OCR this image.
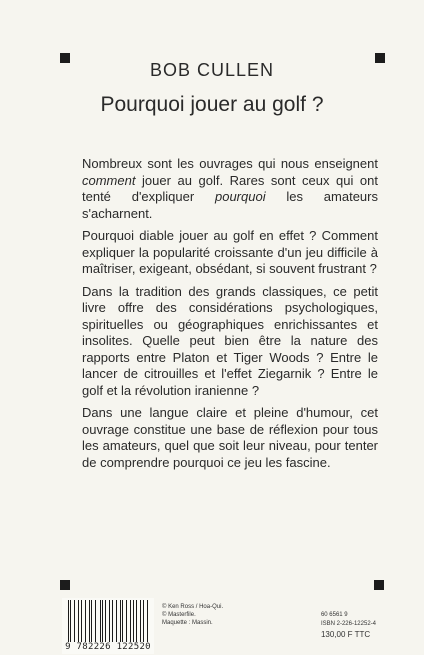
BOB CULLEN
Pourquoi jouer au golf ?

Nombreux sont les ouvrages qui nous enseignent comment jouer au golf. Rares sont ceux qui ont tenté d'expliquer pourquoi les amateurs s'acharnent.

Pourquoi diable jouer au golf en effet ? Comment expliquer la popularité croissante d'un jeu difficile à maîtriser, exigeant, obsédant, si souvent frustrant ?

Dans la tradition des grands classiques, ce petit livre offre des considérations psychologiques, spirituelles ou géographiques enrichissantes et insolites. Quelle peut bien être la nature des rapports entre Platon et Tiger Woods ? Entre le lancer de citrouilles et l'effet Ziegarnik ? Entre le golf et la révolution iranienne ?

Dans une langue claire et pleine d'humour, cet ouvrage constitue une base de réflexion pour tous les amateurs, quel que soit leur niveau, pour tenter de comprendre pourquoi ce jeu les fascine.

9 782226 122520
© Ken Ross / Hoa-Qui.
© Masterfile.
Maquette : Massin.
60 6561 9
ISBN 2-226-12252-4
130,00 F TTC
